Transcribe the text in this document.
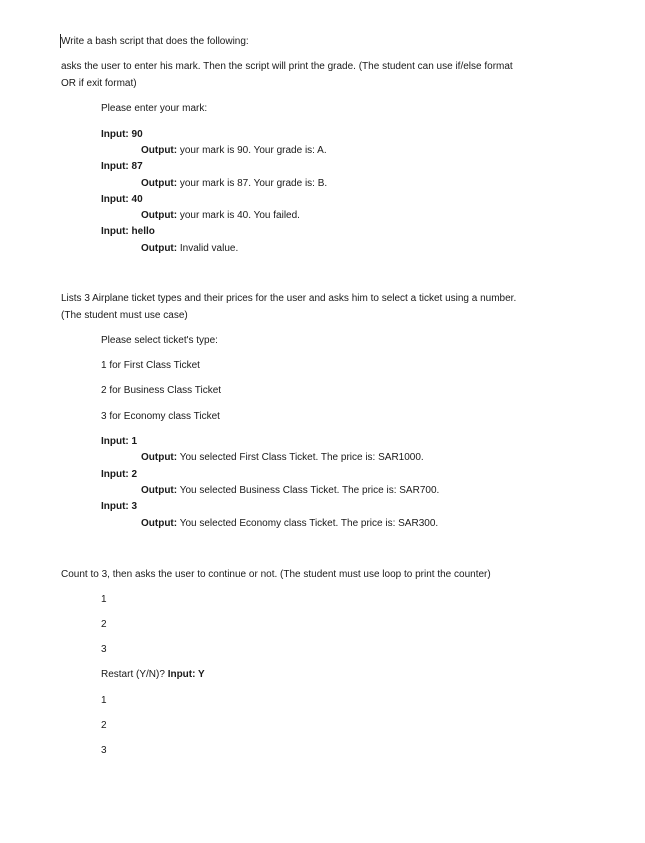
Write a bash script that does the following:
asks the user to enter his mark. Then the script will print the grade. (The student can use if/else format
OR if exit format)
Please enter your mark:
Input: 90
Output: your mark is 90. Your grade is: A.
Input: 87
Output: your mark is 87. Your grade is: B.
Input: 40
Output: your mark is 40. You failed.
Input: hello
Output: Invalid value.
Lists 3 Airplane ticket types and their prices for the user and asks him to select a ticket using a number.
(The student must use case)
Please select ticket's type:
1 for First Class Ticket
2 for Business Class Ticket
3 for Economy class Ticket
Input: 1
Output: You selected First Class Ticket. The price is: SAR1000.
Input: 2
Output: You selected Business Class Ticket. The price is: SAR700.
Input: 3
Output: You selected Economy class Ticket. The price is: SAR300.
Count to 3, then asks the user to continue or not. (The student must use loop to print the counter)
1
2
3
Restart (Y/N)? Input: Y
1
2
3
